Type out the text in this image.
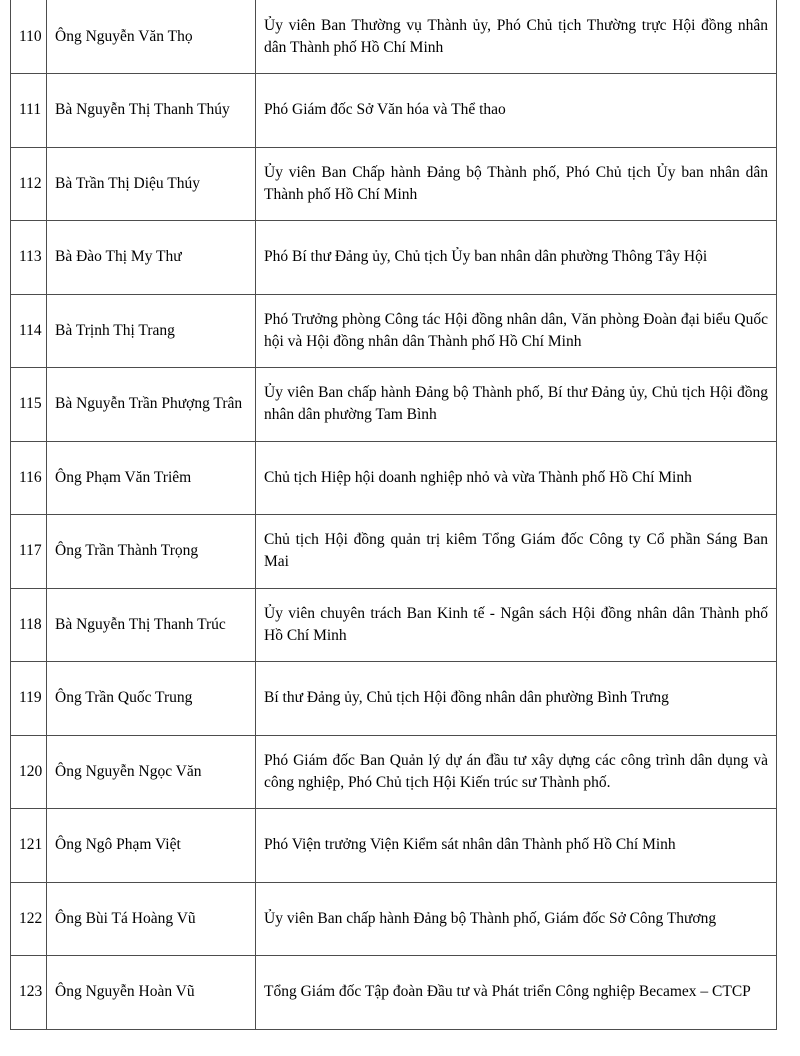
110	Ông Nguyễn Văn Thọ	Ủy viên Ban Thường vụ Thành ủy, Phó Chủ tịch Thường trực Hội đồng nhân dân Thành phố Hồ Chí Minh
111	Bà Nguyễn Thị Thanh Thúy	Phó Giám đốc Sở Văn hóa và Thể thao
112	Bà Trần Thị Diệu Thúy	Ủy viên Ban Chấp hành Đảng bộ Thành phố, Phó Chủ tịch Ủy ban nhân dân Thành phố Hồ Chí Minh
113	Bà Đào Thị My Thư	Phó Bí thư Đảng ủy, Chủ tịch Ủy ban nhân dân phường Thông Tây Hội
114	Bà Trịnh Thị Trang	Phó Trưởng phòng Công tác Hội đồng nhân dân, Văn phòng Đoàn đại biểu Quốc hội và Hội đồng nhân dân Thành phố Hồ Chí Minh
115	Bà Nguyễn Trần Phượng Trân	Ủy viên Ban chấp hành Đảng bộ Thành phố, Bí thư Đảng ủy, Chủ tịch Hội đồng nhân dân phường Tam Bình
116	Ông Phạm Văn Triêm	Chủ tịch Hiệp hội doanh nghiệp nhỏ và vừa Thành phố Hồ Chí Minh
117	Ông Trần Thành Trọng	Chủ tịch Hội đồng quản trị kiêm Tổng Giám đốc Công ty Cổ phần Sáng Ban Mai
118	Bà Nguyễn Thị Thanh Trúc	Ủy viên chuyên trách Ban Kinh tế - Ngân sách Hội đồng nhân dân Thành phố Hồ Chí Minh
119	Ông Trần Quốc Trung	Bí thư Đảng ủy, Chủ tịch Hội đồng nhân dân phường Bình Trưng
120	Ông Nguyễn Ngọc Văn	Phó Giám đốc Ban Quản lý dự án đầu tư xây dựng các công trình dân dụng và công nghiệp, Phó Chủ tịch Hội Kiến trúc sư Thành phố.
121	Ông Ngô Phạm Việt	Phó Viện trưởng Viện Kiểm sát nhân dân Thành phố Hồ Chí Minh
122	Ông Bùi Tá Hoàng Vũ	Ủy viên Ban chấp hành Đảng bộ Thành phố, Giám đốc Sở Công Thương
123	Ông Nguyễn Hoàn Vũ	Tổng Giám đốc Tập đoàn Đầu tư và Phát triển Công nghiệp Becamex – CTCP
